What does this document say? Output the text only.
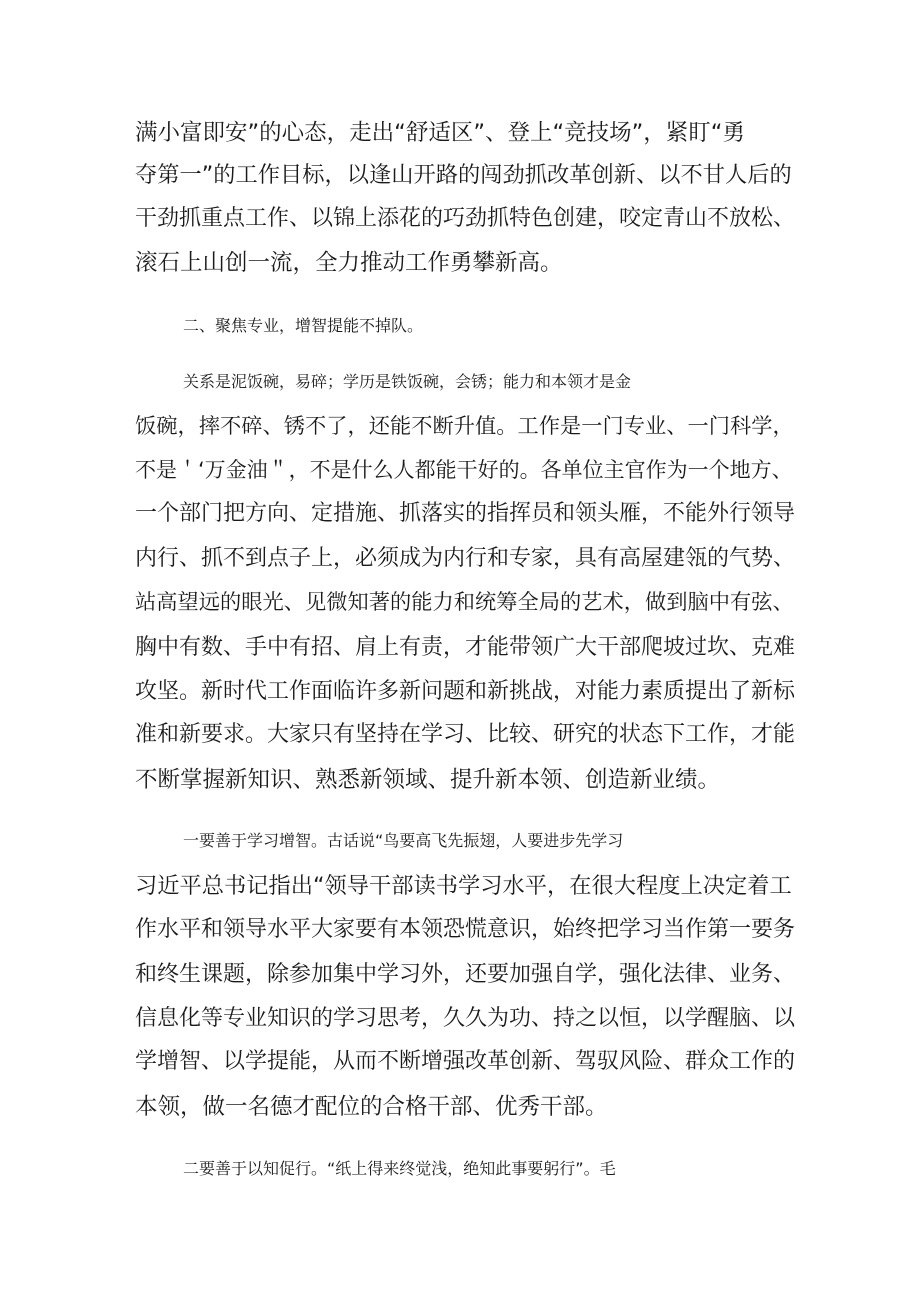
满小富即安”的心态，走出“舒适区”、登上“竞技场”，紧盯“勇
夺第一”的工作目标，以逢山开路的闯劲抓改革创新、以不甘人后的
干劲抓重点工作、以锦上添花的巧劲抓特色创建，咬定青山不放松、
滚石上山创一流，全力推动工作勇攀新高。
二、聚焦专业，增智提能不掉队。
关系是泥饭碗，易碎；学历是铁饭碗，会锈；能力和本领才是金
饭碗，摔不碎、锈不了，还能不断升值。工作是一门专业、一门科学，
不是＇‘万金油＂，不是什么人都能干好的。各单位主官作为一个地方、
一个部门把方向、定措施、抓落实的指挥员和领头雁，不能外行领导
内行、抓不到点子上，必须成为内行和专家，具有高屋建瓴的气势、
站高望远的眼光、见微知著的能力和统筹全局的艺术，做到脑中有弦、
胸中有数、手中有招、肩上有责，才能带领广大干部爬坡过坎、克难
攻坚。新时代工作面临许多新问题和新挑战，对能力素质提出了新标
准和新要求。大家只有坚持在学习、比较、研究的状态下工作，才能
不断掌握新知识、熟悉新领域、提升新本领、创造新业绩。
一要善于学习增智。古话说“鸟要高飞先振翅，人要进步先学习
习近平总书记指出“领导干部读书学习水平，在很大程度上决定着工
作水平和领导水平大家要有本领恐慌意识，始终把学习当作第一要务
和终生课题，除参加集中学习外，还要加强自学，强化法律、业务、
信息化等专业知识的学习思考，久久为功、持之以恒，以学醒脑、以
学增智、以学提能，从而不断增强改革创新、驾驭风险、群众工作的
本领，做一名德才配位的合格干部、优秀干部。
二要善于以知促行。“纸上得来终觉浅，绝知此事要躬行”。毛
